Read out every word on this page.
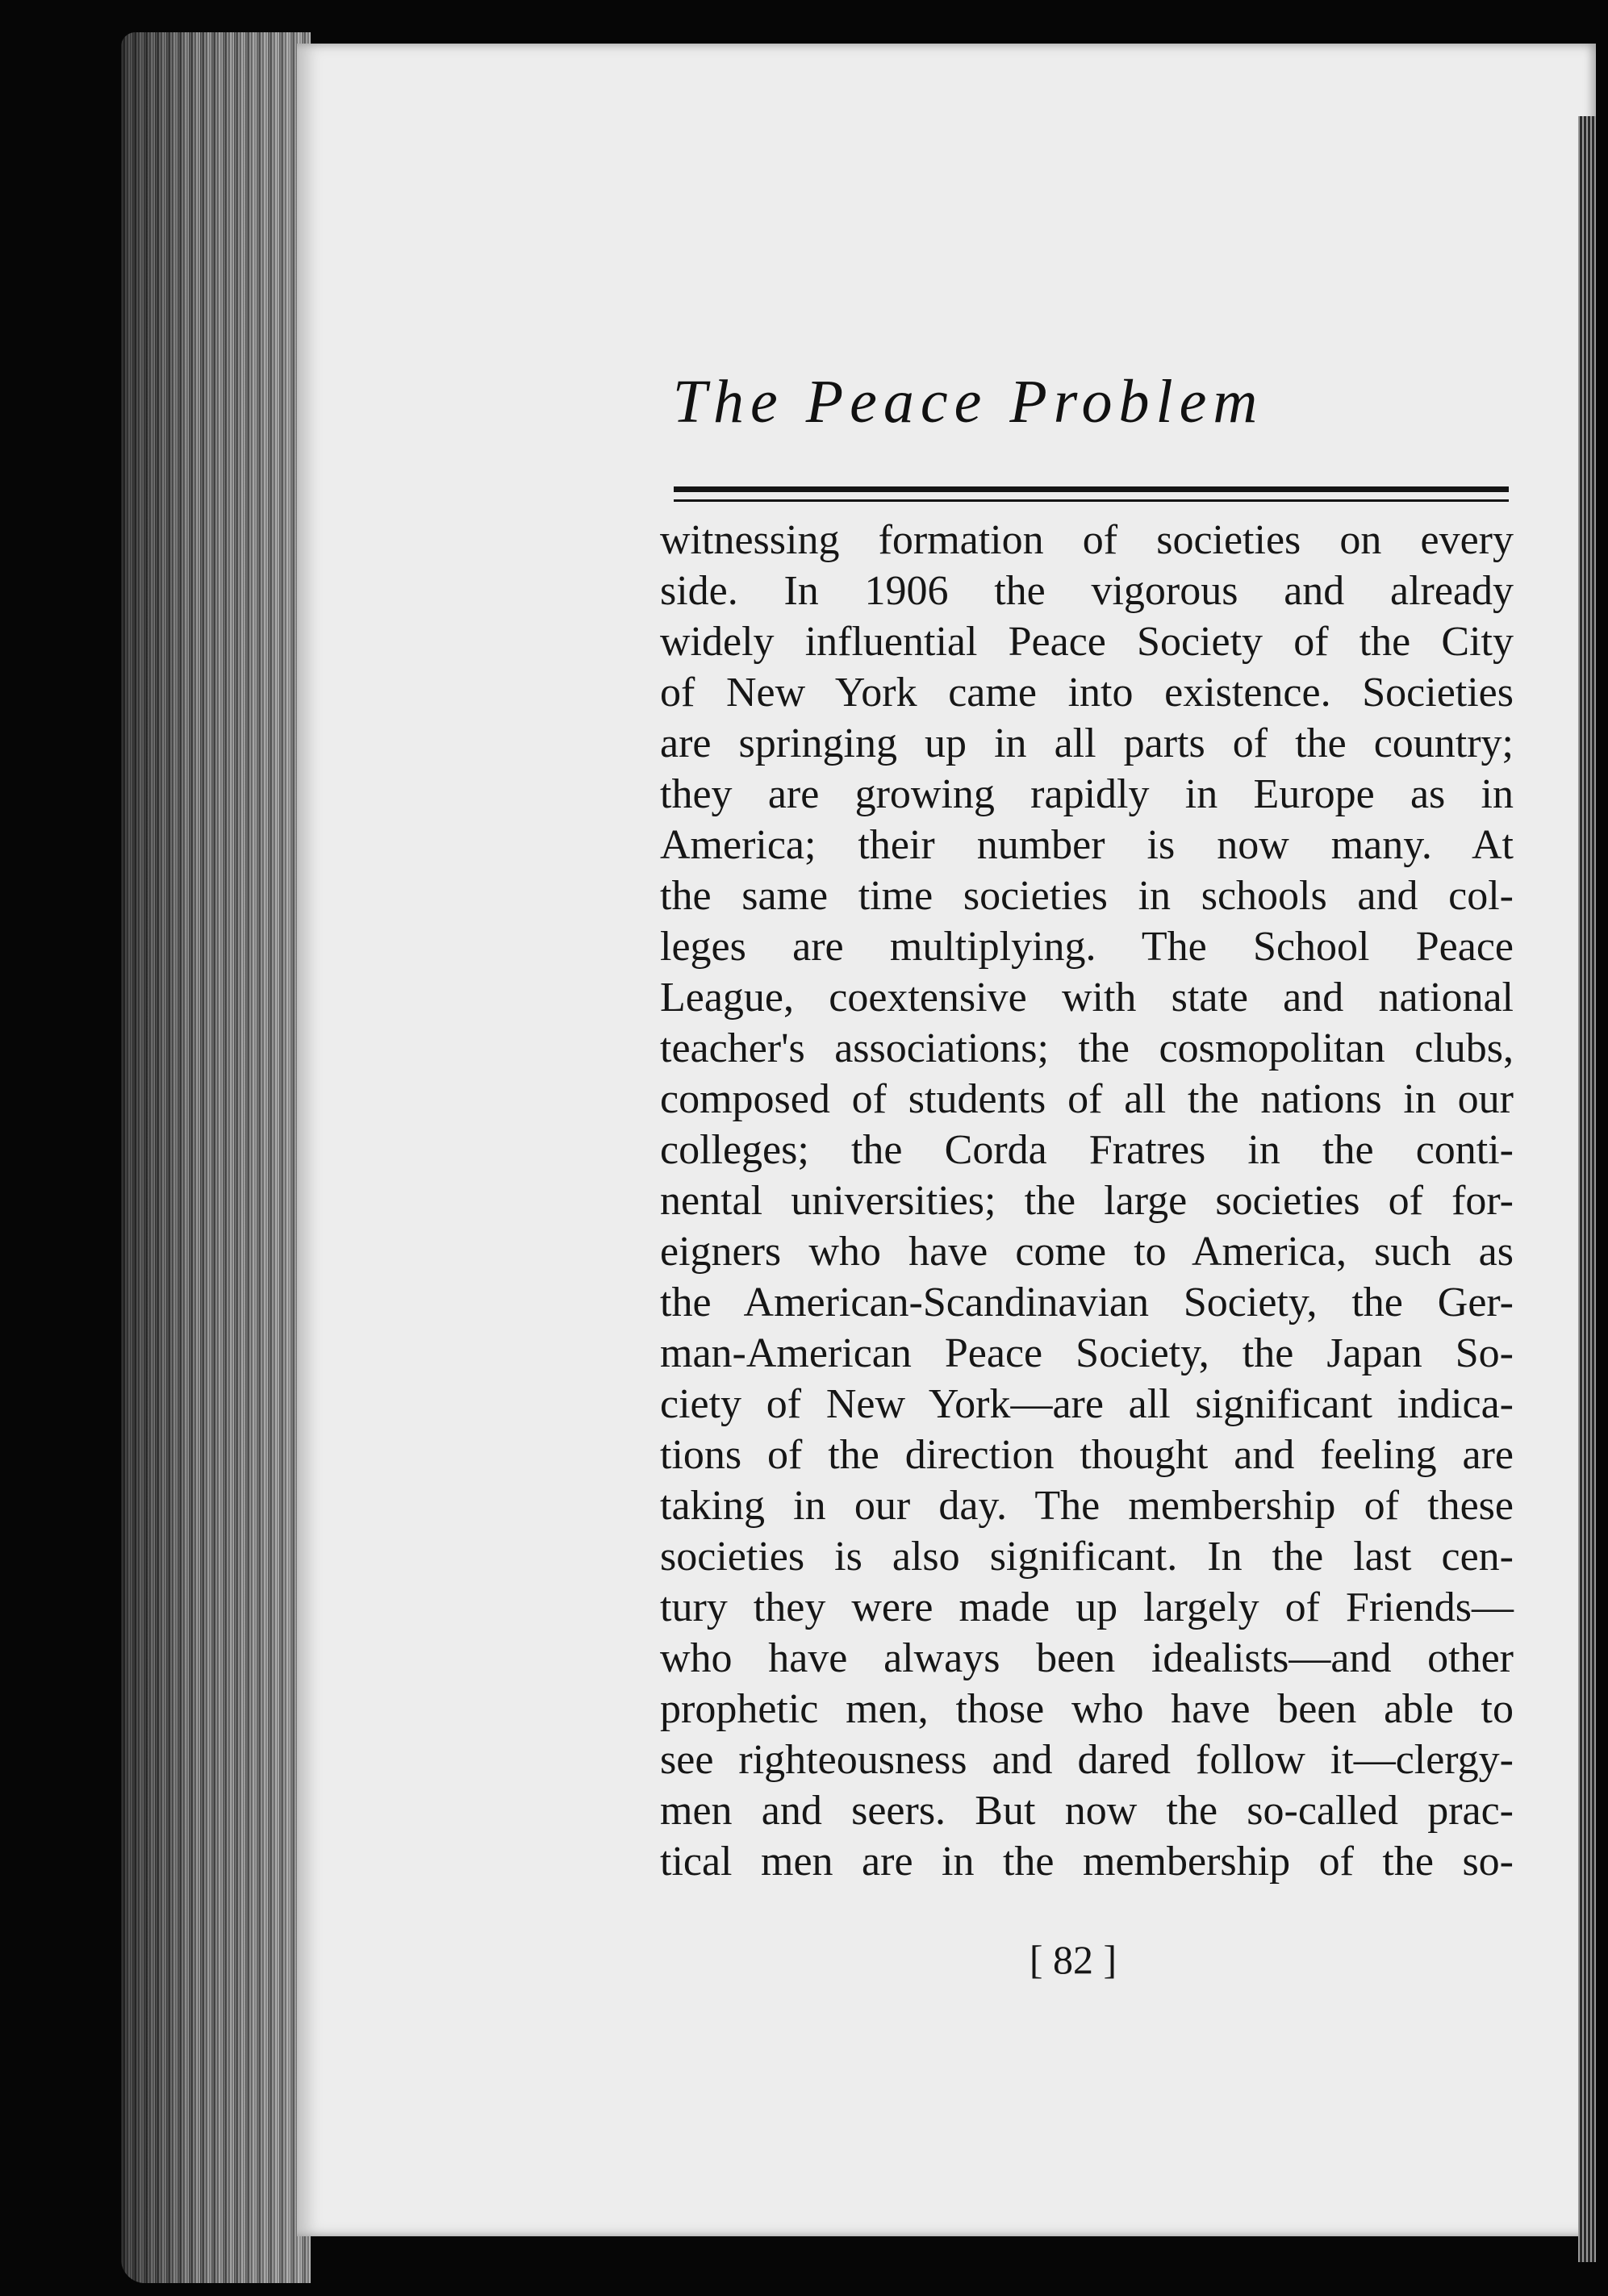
The Peace Problem
witnessing formation of societies on every
side. In 1906 the vigorous and already
widely influential Peace Society of the City
of New York came into existence. Societies
are springing up in all parts of the country;
they are growing rapidly in Europe as in
America; their number is now many. At
the same time societies in schools and col-
leges are multiplying. The School Peace
League, coextensive with state and national
teacher's associations; the cosmopolitan clubs,
composed of students of all the nations in our
colleges; the Corda Fratres in the conti-
nental universities; the large societies of for-
eigners who have come to America, such as
the American-Scandinavian Society, the Ger-
man-American Peace Society, the Japan So-
ciety of New York—are all significant indica-
tions of the direction thought and feeling are
taking in our day. The membership of these
societies is also significant. In the last cen-
tury they were made up largely of Friends—
who have always been idealists—and other
prophetic men, those who have been able to
see righteousness and dared follow it—clergy-
men and seers. But now the so-called prac-
tical men are in the membership of the so-

[ 82 ]
